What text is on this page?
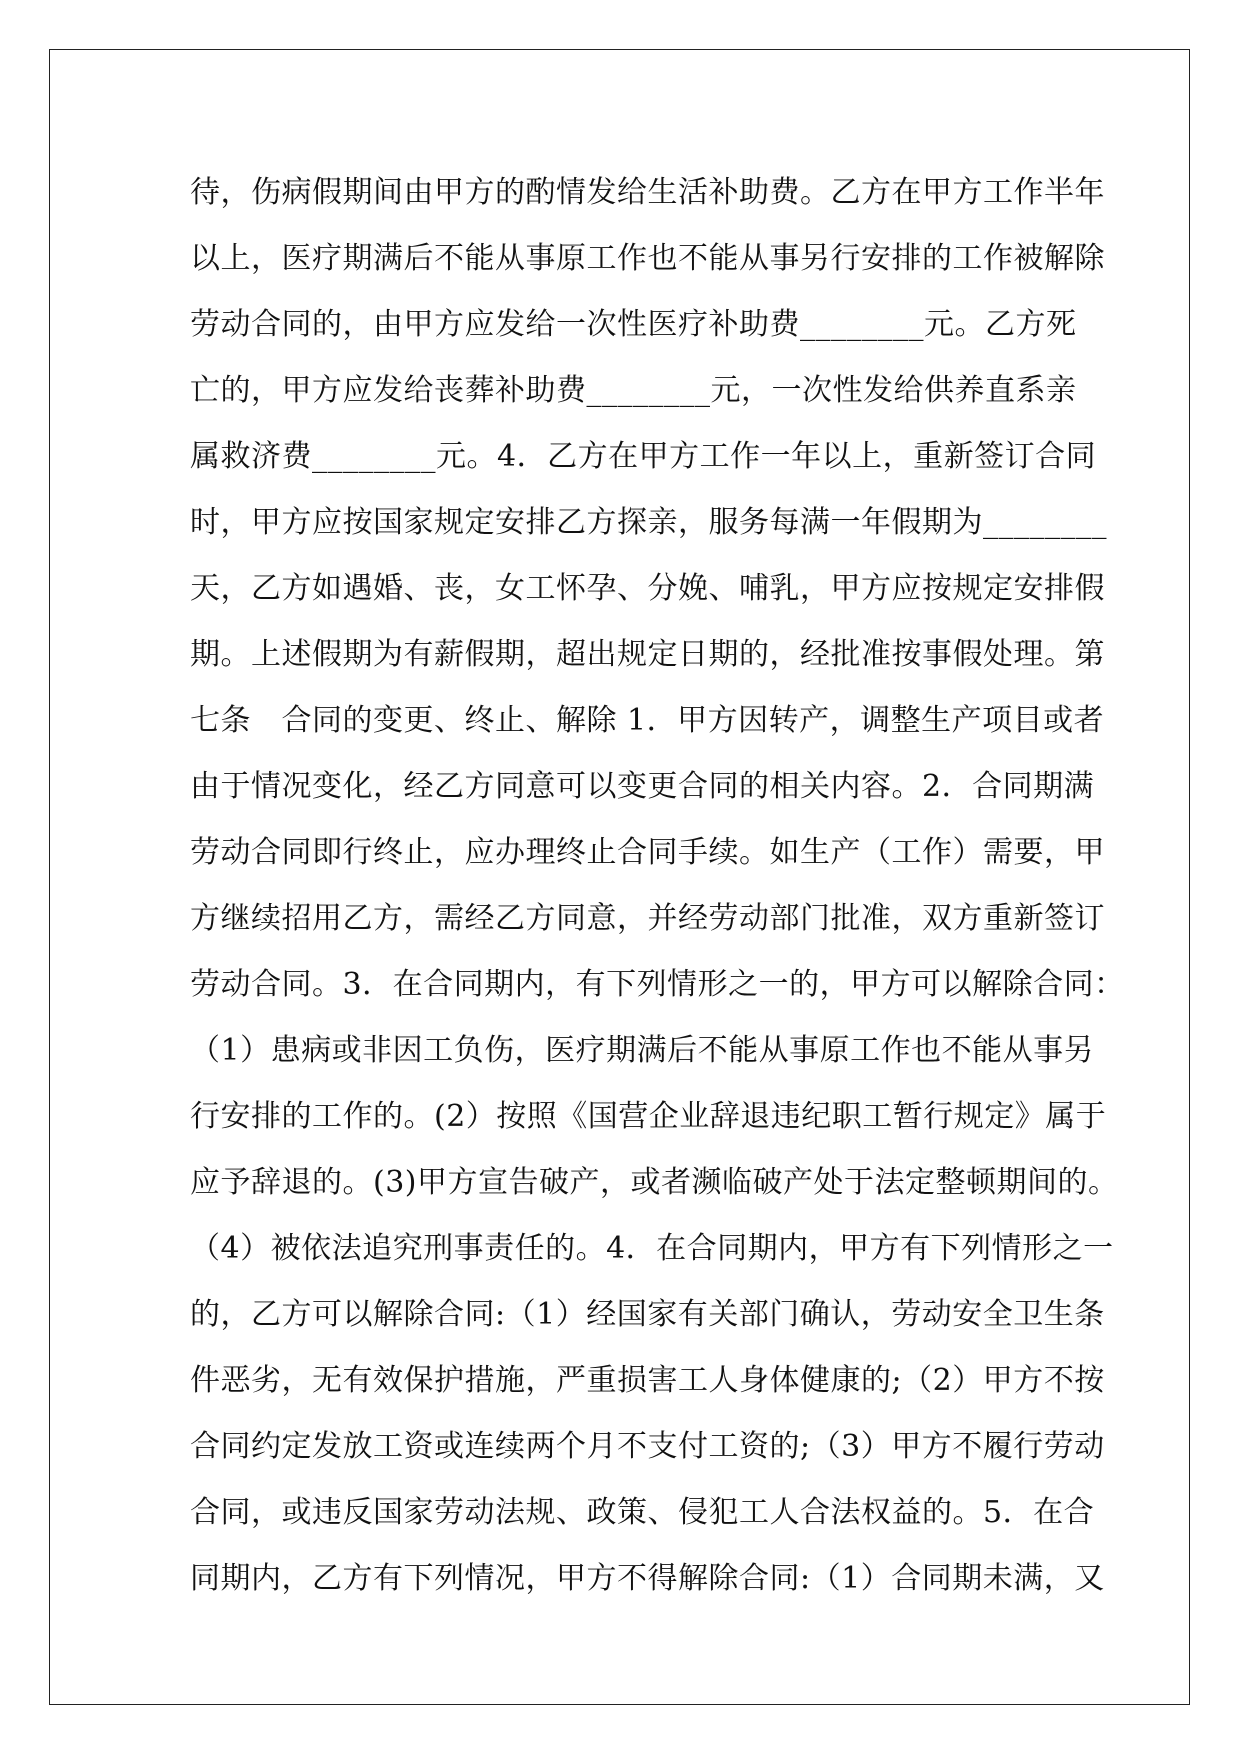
待，伤病假期间由甲方的酌情发给生活补助费。乙方在甲方工作半年
以上，医疗期满后不能从事原工作也不能从事另行安排的工作被解除
劳动合同的，由甲方应发给一次性医疗补助费________元。乙方死
亡的，甲方应发给丧葬补助费________元，一次性发给供养直系亲
属救济费________元。4．乙方在甲方工作一年以上，重新签订合同
时，甲方应按国家规定安排乙方探亲，服务每满一年假期为________
天，乙方如遇婚、丧，女工怀孕、分娩、哺乳，甲方应按规定安排假
期。上述假期为有薪假期，超出规定日期的，经批准按事假处理。第
七条　合同的变更、终止、解除 1．甲方因转产，调整生产项目或者
由于情况变化，经乙方同意可以变更合同的相关内容。2．合同期满
劳动合同即行终止，应办理终止合同手续。如生产（工作）需要，甲
方继续招用乙方，需经乙方同意，并经劳动部门批准，双方重新签订
劳动合同。3．在合同期内，有下列情形之一的，甲方可以解除合同：
（1）患病或非因工负伤，医疗期满后不能从事原工作也不能从事另
行安排的工作的。(2）按照《国营企业辞退违纪职工暂行规定》属于
应予辞退的。(3)甲方宣告破产，或者濒临破产处于法定整顿期间的。
（4）被依法追究刑事责任的。4．在合同期内，甲方有下列情形之一
的，乙方可以解除合同:（1）经国家有关部门确认，劳动安全卫生条
件恶劣，无有效保护措施，严重损害工人身体健康的;（2）甲方不按
合同约定发放工资或连续两个月不支付工资的;（3）甲方不履行劳动
合同，或违反国家劳动法规、政策、侵犯工人合法权益的。5．在合
同期内，乙方有下列情况，甲方不得解除合同:（1）合同期未满，又
